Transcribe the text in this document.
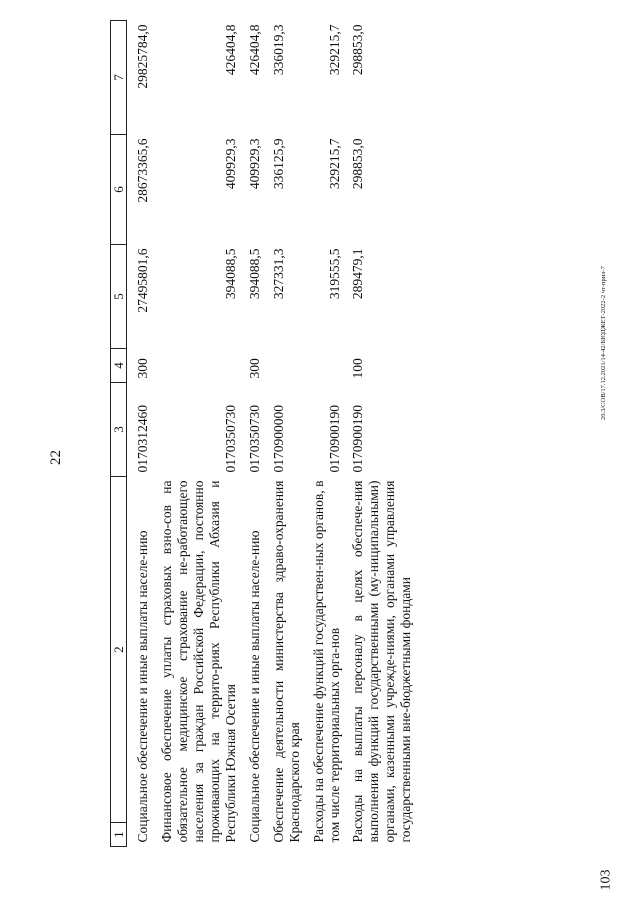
103
20.3/СОВ/17.12.2021/14-42/БЮДЖЕТ-2022-2 чт-прил-7
22
1	2	3	4	5	6	7
Социальное обеспечение и иные выплаты населе-нию		0170312460	300	27495801,6	28673365,6	29825784,0
Финансовое обеспечение уплаты страховых взно-сов на обязательное медицинское страхование не-работающего населения за граждан Российской Федерации, постоянно проживающих на террито-риях Республики Абхазия и Республики Южная Осетия		0170350730		394088,5	409929,3	426404,8
Социальное обеспечение и иные выплаты населе-нию		0170350730	300	394088,5	409929,3	426404,8
Обеспечение деятельности министерства здраво-охранения Краснодарского края		0170900000		327331,3	336125,9	336019,3
Расходы на обеспечение функций государствен-ных органов, в том числе территориальных орга-нов		0170900190		319555,5	329215,7	329215,7
Расходы на выплаты персоналу в целях обеспече-ния выполнения функций государственными (му-ниципальными) органами, казенными учрежде-ниями, органами управления государственными вне-бюджетными фондами		0170900190	100	289479,1	298853,0	298853,0
